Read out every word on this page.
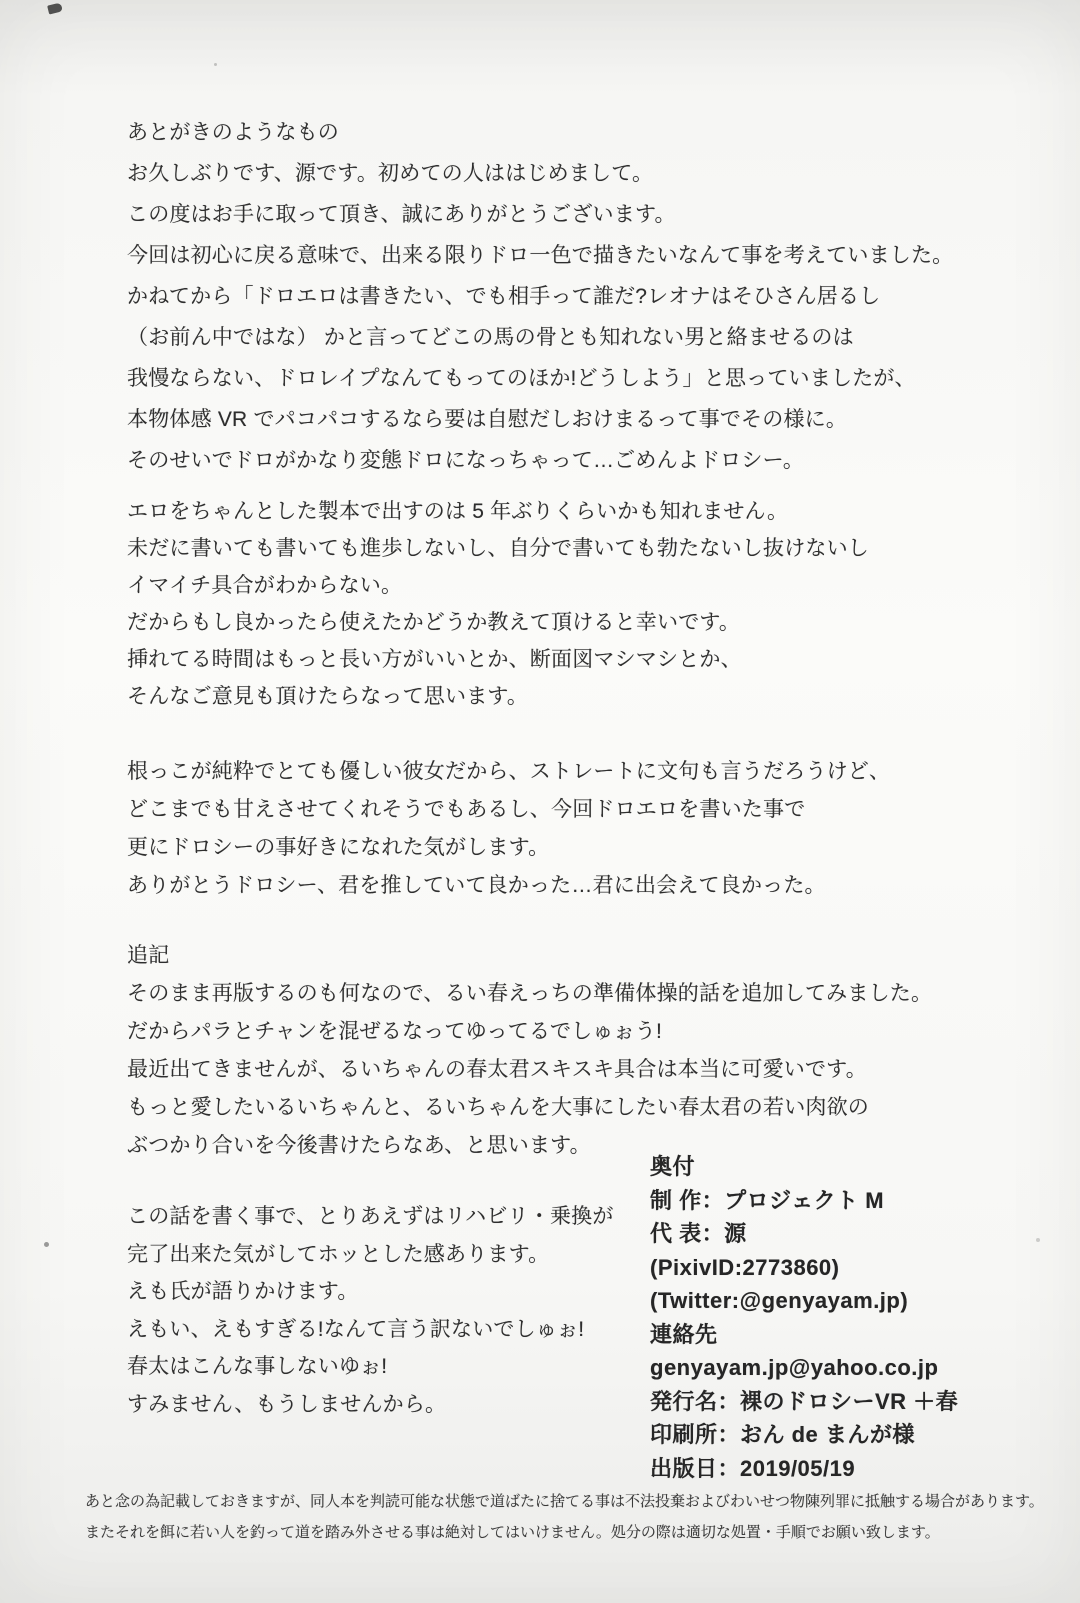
あとがきのようなもの
お久しぶりです、源です。初めての人ははじめまして。
この度はお手に取って頂き、誠にありがとうございます。
今回は初心に戻る意味で、出来る限りドロ一色で描きたいなんて事を考えていました。
かねてから「ドロエロは書きたい、でも相手って誰だ?レオナはそひさん居るし
（お前ん中ではな） かと言ってどこの馬の骨とも知れない男と絡ませるのは
我慢ならない、ドロレイプなんてもってのほか!どうしよう」と思っていましたが、
本物体感 VR でパコパコするなら要は自慰だしおけまるって事でその様に。
そのせいでドロがかなり変態ドロになっちゃって…ごめんよドロシー。
エロをちゃんとした製本で出すのは 5 年ぶりくらいかも知れません。
未だに書いても書いても進歩しないし、自分で書いても勃たないし抜けないし
イマイチ具合がわからない。
だからもし良かったら使えたかどうか教えて頂けると幸いです。
挿れてる時間はもっと長い方がいいとか、断面図マシマシとか、
そんなご意見も頂けたらなって思います。
根っこが純粋でとても優しい彼女だから、ストレートに文句も言うだろうけど、
どこまでも甘えさせてくれそうでもあるし、今回ドロエロを書いた事で
更にドロシーの事好きになれた気がします。
ありがとうドロシー、君を推していて良かった…君に出会えて良かった。
追記
そのまま再版するのも何なので、るい春えっちの準備体操的話を追加してみました。
だからパラとチャンを混ぜるなってゆってるでしゅぉう!
最近出てきませんが、るいちゃんの春太君スキスキ具合は本当に可愛いです。
もっと愛したいるいちゃんと、るいちゃんを大事にしたい春太君の若い肉欲の
ぶつかり合いを今後書けたらなあ、と思います。
この話を書く事で、とりあえずはリハビリ・乗換が
完了出来た気がしてホッとした感あります。
えも氏が語りかけます。
えもい、えもすぎる!なんて言う訳ないでしゅぉ!
春太はこんな事しないゆぉ!
すみません、もうしませんから。
奥付
制 作：プロジェクト M
代 表：源
(PixivID:2773860)
(Twitter:@genyayam.jp)
連絡先
genyayam.jp@yahoo.co.jp
発行名：裸のドロシーVR ＋春
印刷所：おん de まんが様
出版日：2019/05/19
あと念の為記載しておきますが、同人本を判読可能な状態で道ばたに捨てる事は不法投棄およびわいせつ物陳列罪に抵触する場合があります。
またそれを餌に若い人を釣って道を踏み外させる事は絶対してはいけません。処分の際は適切な処置・手順でお願い致します。
